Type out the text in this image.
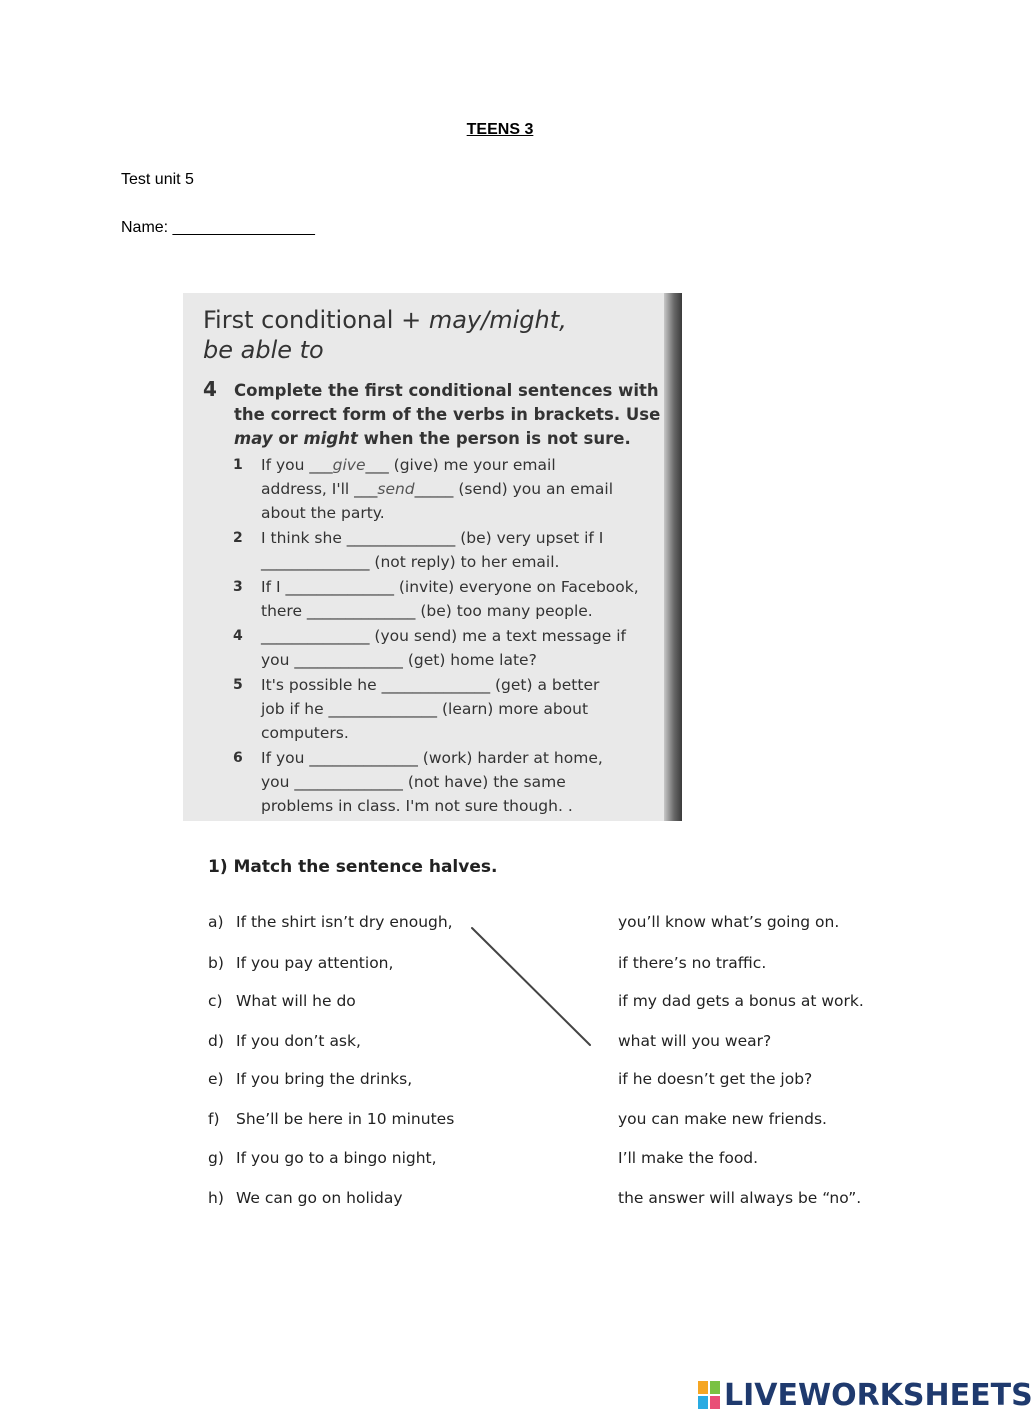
TEENS 3
Test unit 5
Name: ________________
First conditional + may/might,
be able to
4 Complete the first conditional sentences with
the correct form of the verbs in brackets. Use
may or might when the person is not sure.
1 If you ___give___ (give) me your email
address, I'll ___send_____ (send) you an email
about the party.
2 I think she ______________ (be) very upset if I
______________ (not reply) to her email.
3 If I ______________ (invite) everyone on Facebook,
there ______________ (be) too many people.
4 ______________ (you send) me a text message if
you ______________ (get) home late?
5 It's possible he ______________ (get) a better
job if he ______________ (learn) more about
computers.
6 If you ______________ (work) harder at home,
you ______________ (not have) the same
problems in class. I'm not sure though. .
1) Match the sentence halves.
a) If the shirt isn’t dry enough,
b) If you pay attention,
c) What will he do
d) If you don’t ask,
e) If you bring the drinks,
f) She’ll be here in 10 minutes
g) If you go to a bingo night,
h) We can go on holiday
you’ll know what’s going on.
if there’s no traffic.
if my dad gets a bonus at work.
what will you wear?
if he doesn’t get the job?
you can make new friends.
I’ll make the food.
the answer will always be “no”.
LIVEWORKSHEETS
